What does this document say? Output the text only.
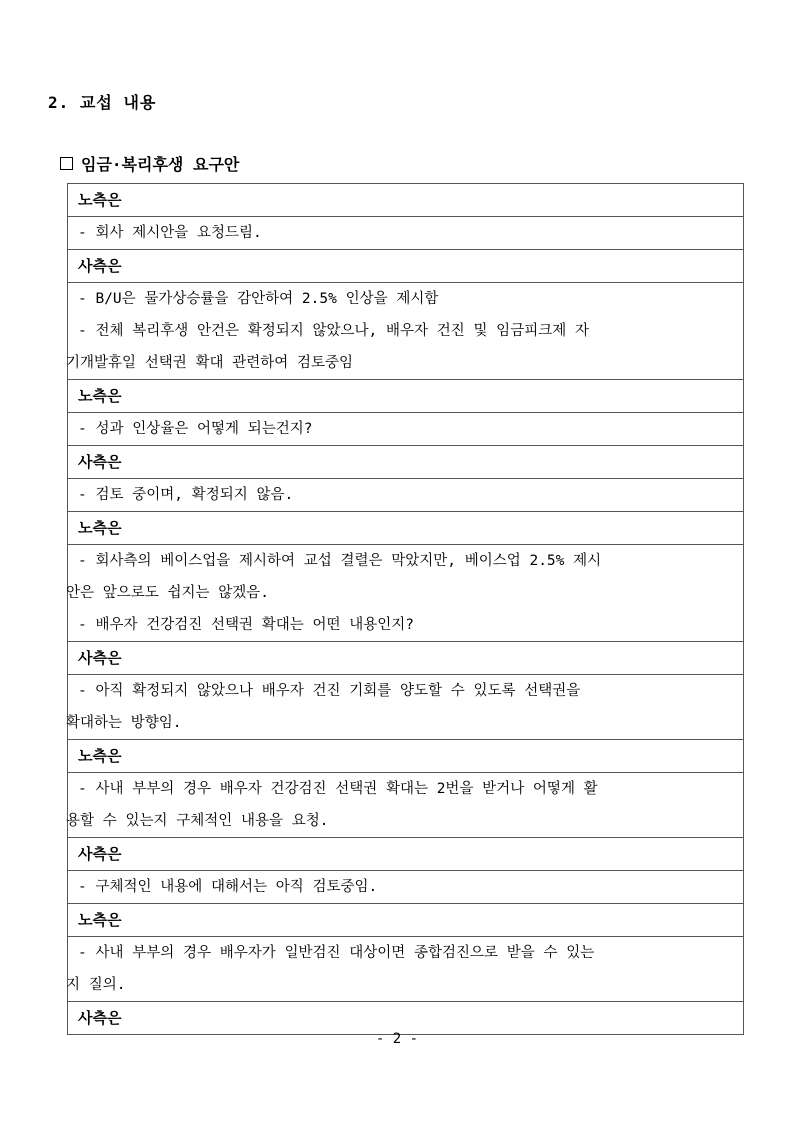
2. 교섭 내용
임금·복리후생 요구안
노측은

- 회사 제시안을 요청드림.

사측은

- B/U은 물가상승률을 감안하여 2.5% 인상을 제시함

- 전체 복리후생 안건은 확정되지 않았으나, 배우자 건진 및 임금피크제 자

기개발휴일 선택권 확대 관련하여 검토중임

노측은

- 성과 인상율은 어떻게 되는건지?

사측은

- 검토 중이며, 확정되지 않음.

노측은

- 회사측의 베이스업을 제시하여 교섭 결렬은 막았지만, 베이스업 2.5% 제시

안은 앞으로도 쉽지는 않겠음.

- 배우자 건강검진 선택권 확대는 어떤 내용인지?

사측은

- 아직 확정되지 않았으나 배우자 건진 기회를 양도할 수 있도록 선택권을

확대하는 방향임.

노측은

- 사내 부부의 경우 배우자 건강검진 선택권 확대는 2번을 받거나 어떻게 활

용할 수 있는지 구체적인 내용을 요청.

사측은

- 구체적인 내용에 대해서는 아직 검토중임.

노측은

- 사내 부부의 경우 배우자가 일반검진 대상이면 종합검진으로 받을 수 있는

지 질의.

사측은
- 2 -
